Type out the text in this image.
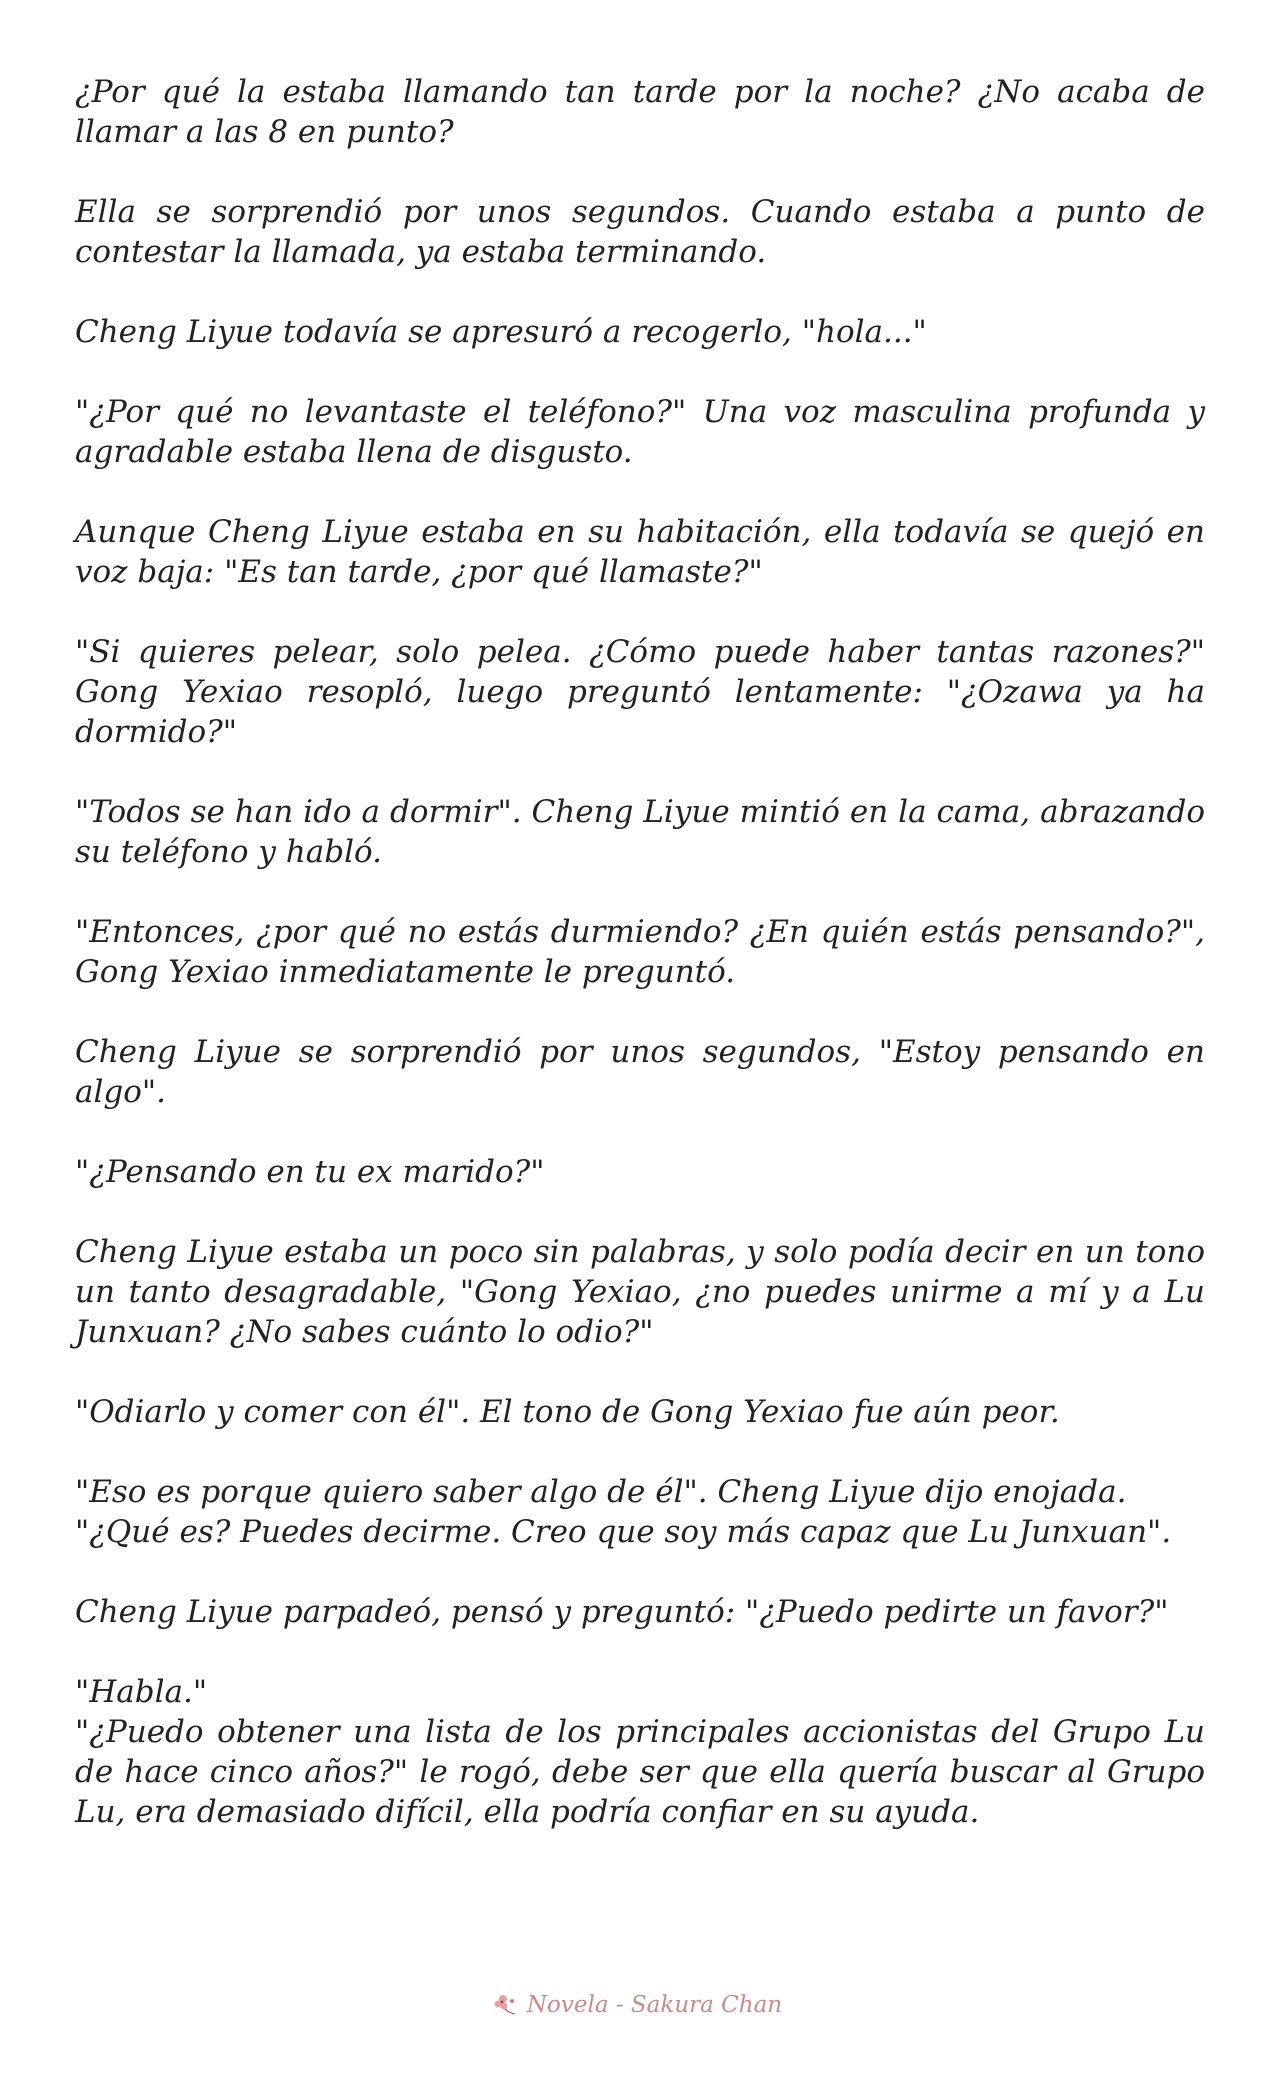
¿Por qué la estaba llamando tan tarde por la noche? ¿No acaba de llamar a las 8 en punto?

Ella se sorprendió por unos segundos. Cuando estaba a punto de contestar la llamada, ya estaba terminando.

Cheng Liyue todavía se apresuró a recogerlo, "hola..."

"¿Por qué no levantaste el teléfono?" Una voz masculina profunda y agradable estaba llena de disgusto.

Aunque Cheng Liyue estaba en su habitación, ella todavía se quejó en voz baja: "Es tan tarde, ¿por qué llamaste?"

"Si quieres pelear, solo pelea. ¿Cómo puede haber tantas razones?" Gong Yexiao resopló, luego preguntó lentamente: "¿Ozawa ya ha dormido?"

"Todos se han ido a dormir". Cheng Liyue mintió en la cama, abrazando su teléfono y habló.

"Entonces, ¿por qué no estás durmiendo? ¿En quién estás pensando?", Gong Yexiao inmediatamente le preguntó.

Cheng Liyue se sorprendió por unos segundos, "Estoy pensando en algo".

"¿Pensando en tu ex marido?"

Cheng Liyue estaba un poco sin palabras, y solo podía decir en un tono un tanto desagradable, "Gong Yexiao, ¿no puedes unirme a mí y a Lu Junxuan? ¿No sabes cuánto lo odio?"

"Odiarlo y comer con él". El tono de Gong Yexiao fue aún peor.

"Eso es porque quiero saber algo de él". Cheng Liyue dijo enojada.

"¿Qué es? Puedes decirme. Creo que soy más capaz que Lu Junxuan".

Cheng Liyue parpadeó, pensó y preguntó: "¿Puedo pedirte un favor?"

"Habla."

"¿Puedo obtener una lista de los principales accionistas del Grupo Lu de hace cinco años?" le rogó, debe ser que ella quería buscar al Grupo Lu, era demasiado difícil, ella podría confiar en su ayuda.

Novela - Sakura Chan
